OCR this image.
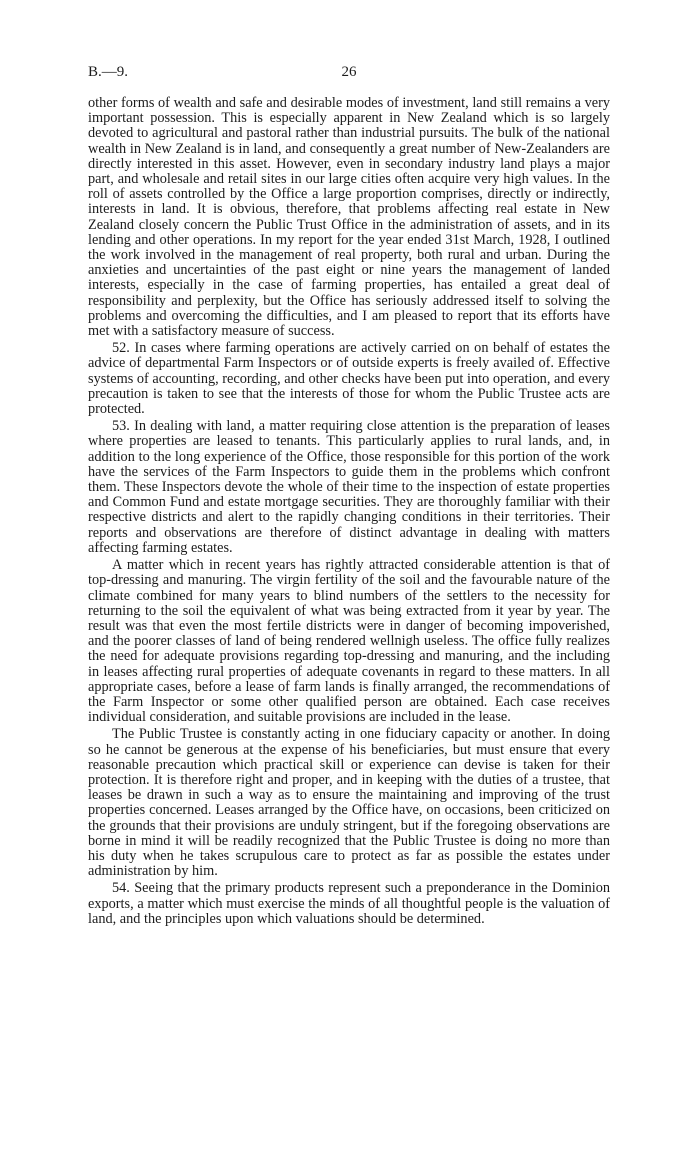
B.—9.	26

other forms of wealth and safe and desirable modes of investment, land still remains a very important possession. This is especially apparent in New Zealand which is so largely devoted to agricultural and pastoral rather than industrial pursuits. The bulk of the national wealth in New Zealand is in land, and consequently a great number of New-Zealanders are directly interested in this asset. However, even in secondary industry land plays a major part, and wholesale and retail sites in our large cities often acquire very high values. In the roll of assets controlled by the Office a large proportion comprises, directly or indirectly, interests in land. It is obvious, therefore, that problems affecting real estate in New Zealand closely concern the Public Trust Office in the administration of assets, and in its lending and other operations. In my report for the year ended 31st March, 1928, I outlined the work involved in the management of real property, both rural and urban. During the anxieties and uncertainties of the past eight or nine years the management of landed interests, especially in the case of farming properties, has entailed a great deal of responsibility and perplexity, but the Office has seriously addressed itself to solving the problems and overcoming the difficulties, and I am pleased to report that its efforts have met with a satisfactory measure of success.

52. In cases where farming operations are actively carried on on behalf of estates the advice of departmental Farm Inspectors or of outside experts is freely availed of. Effective systems of accounting, recording, and other checks have been put into operation, and every precaution is taken to see that the interests of those for whom the Public Trustee acts are protected.

53. In dealing with land, a matter requiring close attention is the preparation of leases where properties are leased to tenants. This particularly applies to rural lands, and, in addition to the long experience of the Office, those responsible for this portion of the work have the services of the Farm Inspectors to guide them in the problems which confront them. These Inspectors devote the whole of their time to the inspection of estate properties and Common Fund and estate mortgage securities. They are thoroughly familiar with their respective districts and alert to the rapidly changing conditions in their territories. Their reports and observations are therefore of distinct advantage in dealing with matters affecting farming estates.

A matter which in recent years has rightly attracted considerable attention is that of top-dressing and manuring. The virgin fertility of the soil and the favourable nature of the climate combined for many years to blind numbers of the settlers to the necessity for returning to the soil the equivalent of what was being extracted from it year by year. The result was that even the most fertile districts were in danger of becoming impoverished, and the poorer classes of land of being rendered wellnigh useless. The office fully realizes the need for adequate provisions regarding top-dressing and manuring, and the including in leases affecting rural properties of adequate covenants in regard to these matters. In all appropriate cases, before a lease of farm lands is finally arranged, the recommendations of the Farm Inspector or some other qualified person are obtained. Each case receives individual consideration, and suitable provisions are included in the lease.

The Public Trustee is constantly acting in one fiduciary capacity or another. In doing so he cannot be generous at the expense of his beneficiaries, but must ensure that every reasonable precaution which practical skill or experience can devise is taken for their protection. It is therefore right and proper, and in keeping with the duties of a trustee, that leases be drawn in such a way as to ensure the maintaining and improving of the trust properties concerned. Leases arranged by the Office have, on occasions, been criticized on the grounds that their provisions are unduly stringent, but if the foregoing observations are borne in mind it will be readily recognized that the Public Trustee is doing no more than his duty when he takes scrupulous care to protect as far as possible the estates under administration by him.

54. Seeing that the primary products represent such a preponderance in the Dominion exports, a matter which must exercise the minds of all thoughtful people is the valuation of land, and the principles upon which valuations should be determined.
